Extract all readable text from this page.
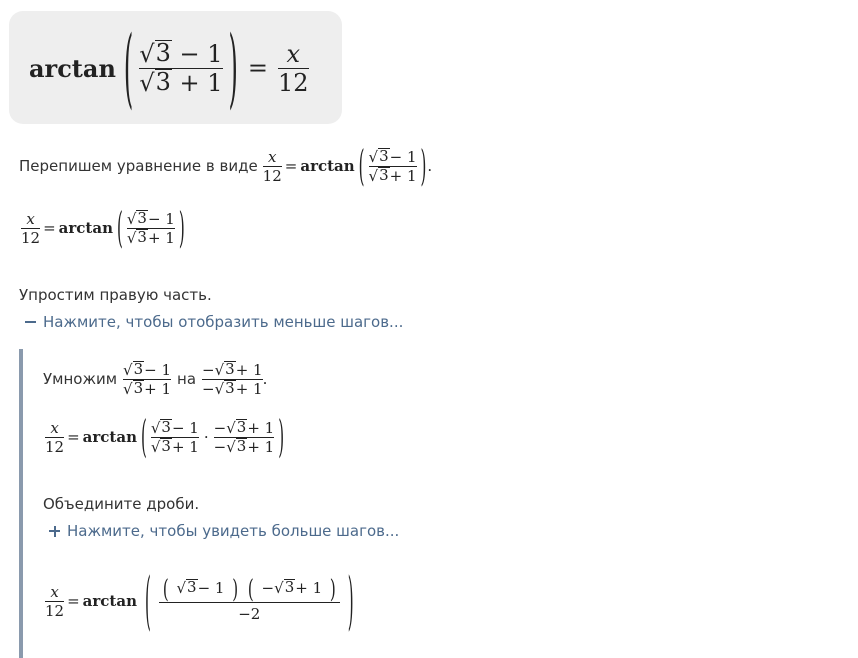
arctan ( $\frac{√ 3 - 1}{√ 3 + 1}$ ) = $\frac{x}{12}$
Перепишем уравнение в виде $\frac{x}{12} = \arctan$ ( $\frac{√ 3 - 1}{√ 3 + 1}$ ) .
$\frac{x}{12} = \arctan$ ( $\frac{√ 3 - 1}{√ 3 + 1}$ )
Упростим правую часть.
Нажмите, чтобы отобразить меньше шагов...
Умножим $\frac{√ 3 - 1}{√ 3 + 1}$ на $\frac{- √ 3 + 1}{- √ 3 + 1}$ .
$\frac{x}{12} = \arctan$ ( $\frac{√ 3 - 1}{√ 3 + 1} \cdot \frac{- √ 3 + 1}{- √ 3 + 1}$ )
Объедините дроби.
Нажмите, чтобы увидеть больше шагов...
$\frac{x}{12} = \arctan$ ( $\frac{( √ 3 - 1 ) ( - √ 3 + 1 )}{-2}$ )
